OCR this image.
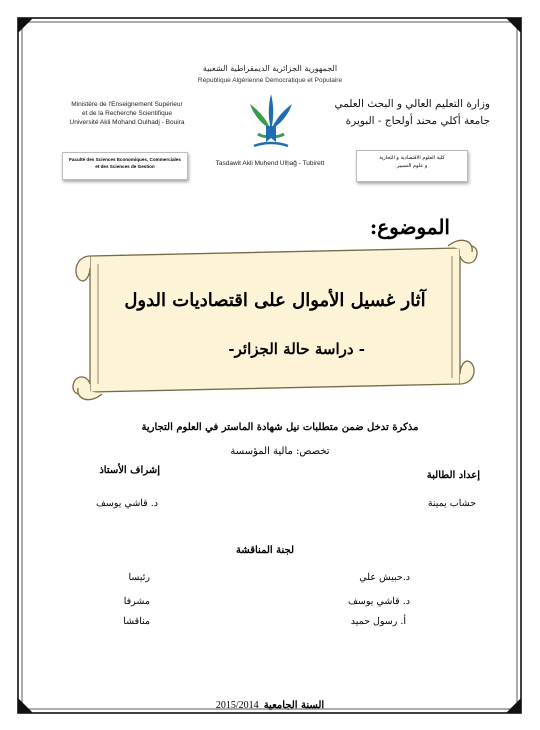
الجمهورية الجزائرية الديمقراطية الشعبية
République Algérienne Démocratique et Populaire
Ministère de l'Enseignement Supérieur
et de la Recherche Scientifique
Université Akli Mohand Oulhadj - Bouira
وزارة التعليم العالي و البحث العلمي
جامعة أكلي محند أولحاج - البويرة
Faculté des Sciences Economiques, Commerciales
et des Sciences de Gestion
كلية العلوم الاقتصادية و التجارية
و علوم التسيير
Tasdawit Akli Muḥend Ulḥağ - Tubirett
الموضوع:
آثار غسيل الأموال على اقتصاديات الدول
- دراسة حالة الجزائر-
مذكرة تدخل ضمن متطلبات نيل شهادة الماستر في العلوم التجارية
تخصص: مالية المؤسسة
إعداد الطالبة
حشاب يمينة
إشراف الأستاذ
د. قاشي يوسف
لجنة المناقشة
د.حبيش علي
رئيسا
د. قاشي يوسف
مشرفا
أ. رسول حميد
مناقشا
السنة الجامعية 2015/2014
